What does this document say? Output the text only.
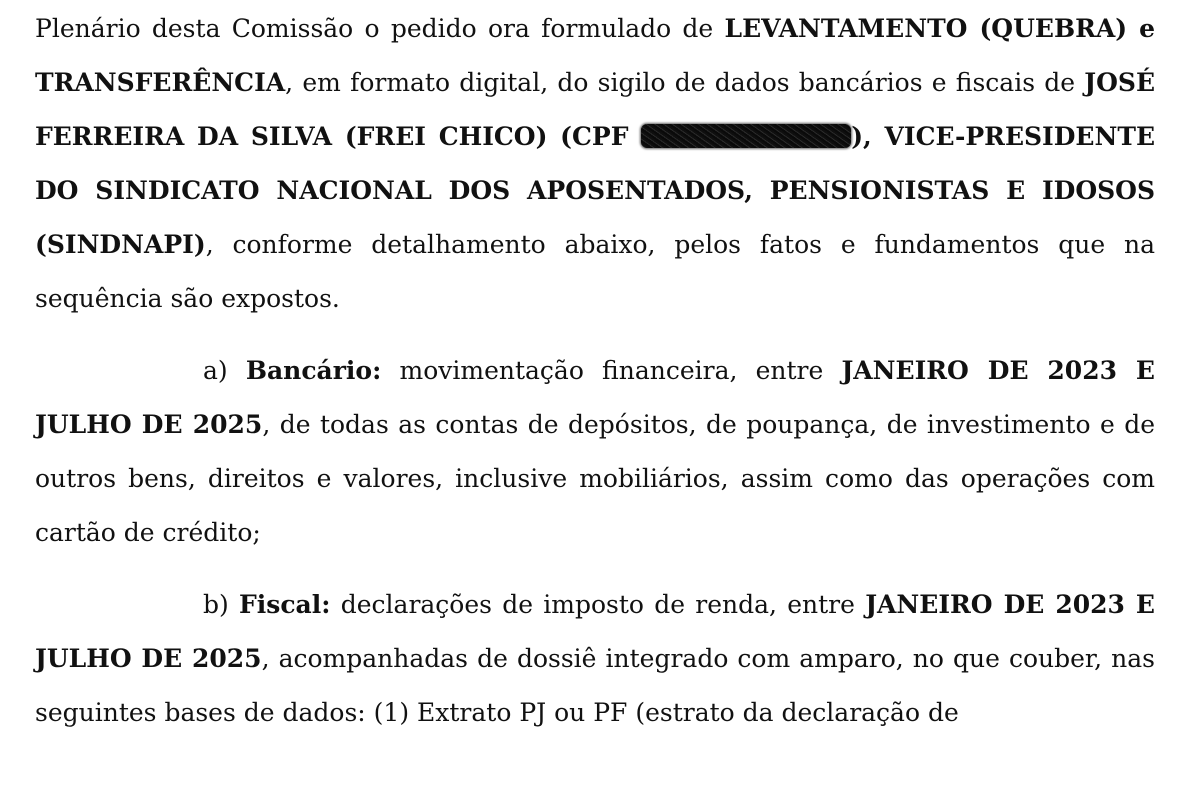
Plenário desta Comissão o pedido ora formulado de LEVANTAMENTO (QUEBRA) e TRANSFERÊNCIA, em formato digital, do sigilo de dados bancários e fiscais de JOSÉ FERREIRA DA SILVA (FREI CHICO) (CPF	), VICE-PRESIDENTE DO SINDICATO NACIONAL DOS APOSENTADOS, PENSIONISTAS E IDOSOS (SINDNAPI), conforme detalhamento abaixo, pelos fatos e fundamentos que na sequência são expostos.

a) Bancário: movimentação financeira, entre JANEIRO DE 2023 E JULHO DE 2025, de todas as contas de depósitos, de poupança, de investimento e de outros bens, direitos e valores, inclusive mobiliários, assim como das operações com cartão de crédito;

b) Fiscal: declarações de imposto de renda, entre JANEIRO DE 2023 E JULHO DE 2025, acompanhadas de dossiê integrado com amparo, no que couber, nas seguintes bases de dados: (1) Extrato PJ ou PF (estrato da declaração de
